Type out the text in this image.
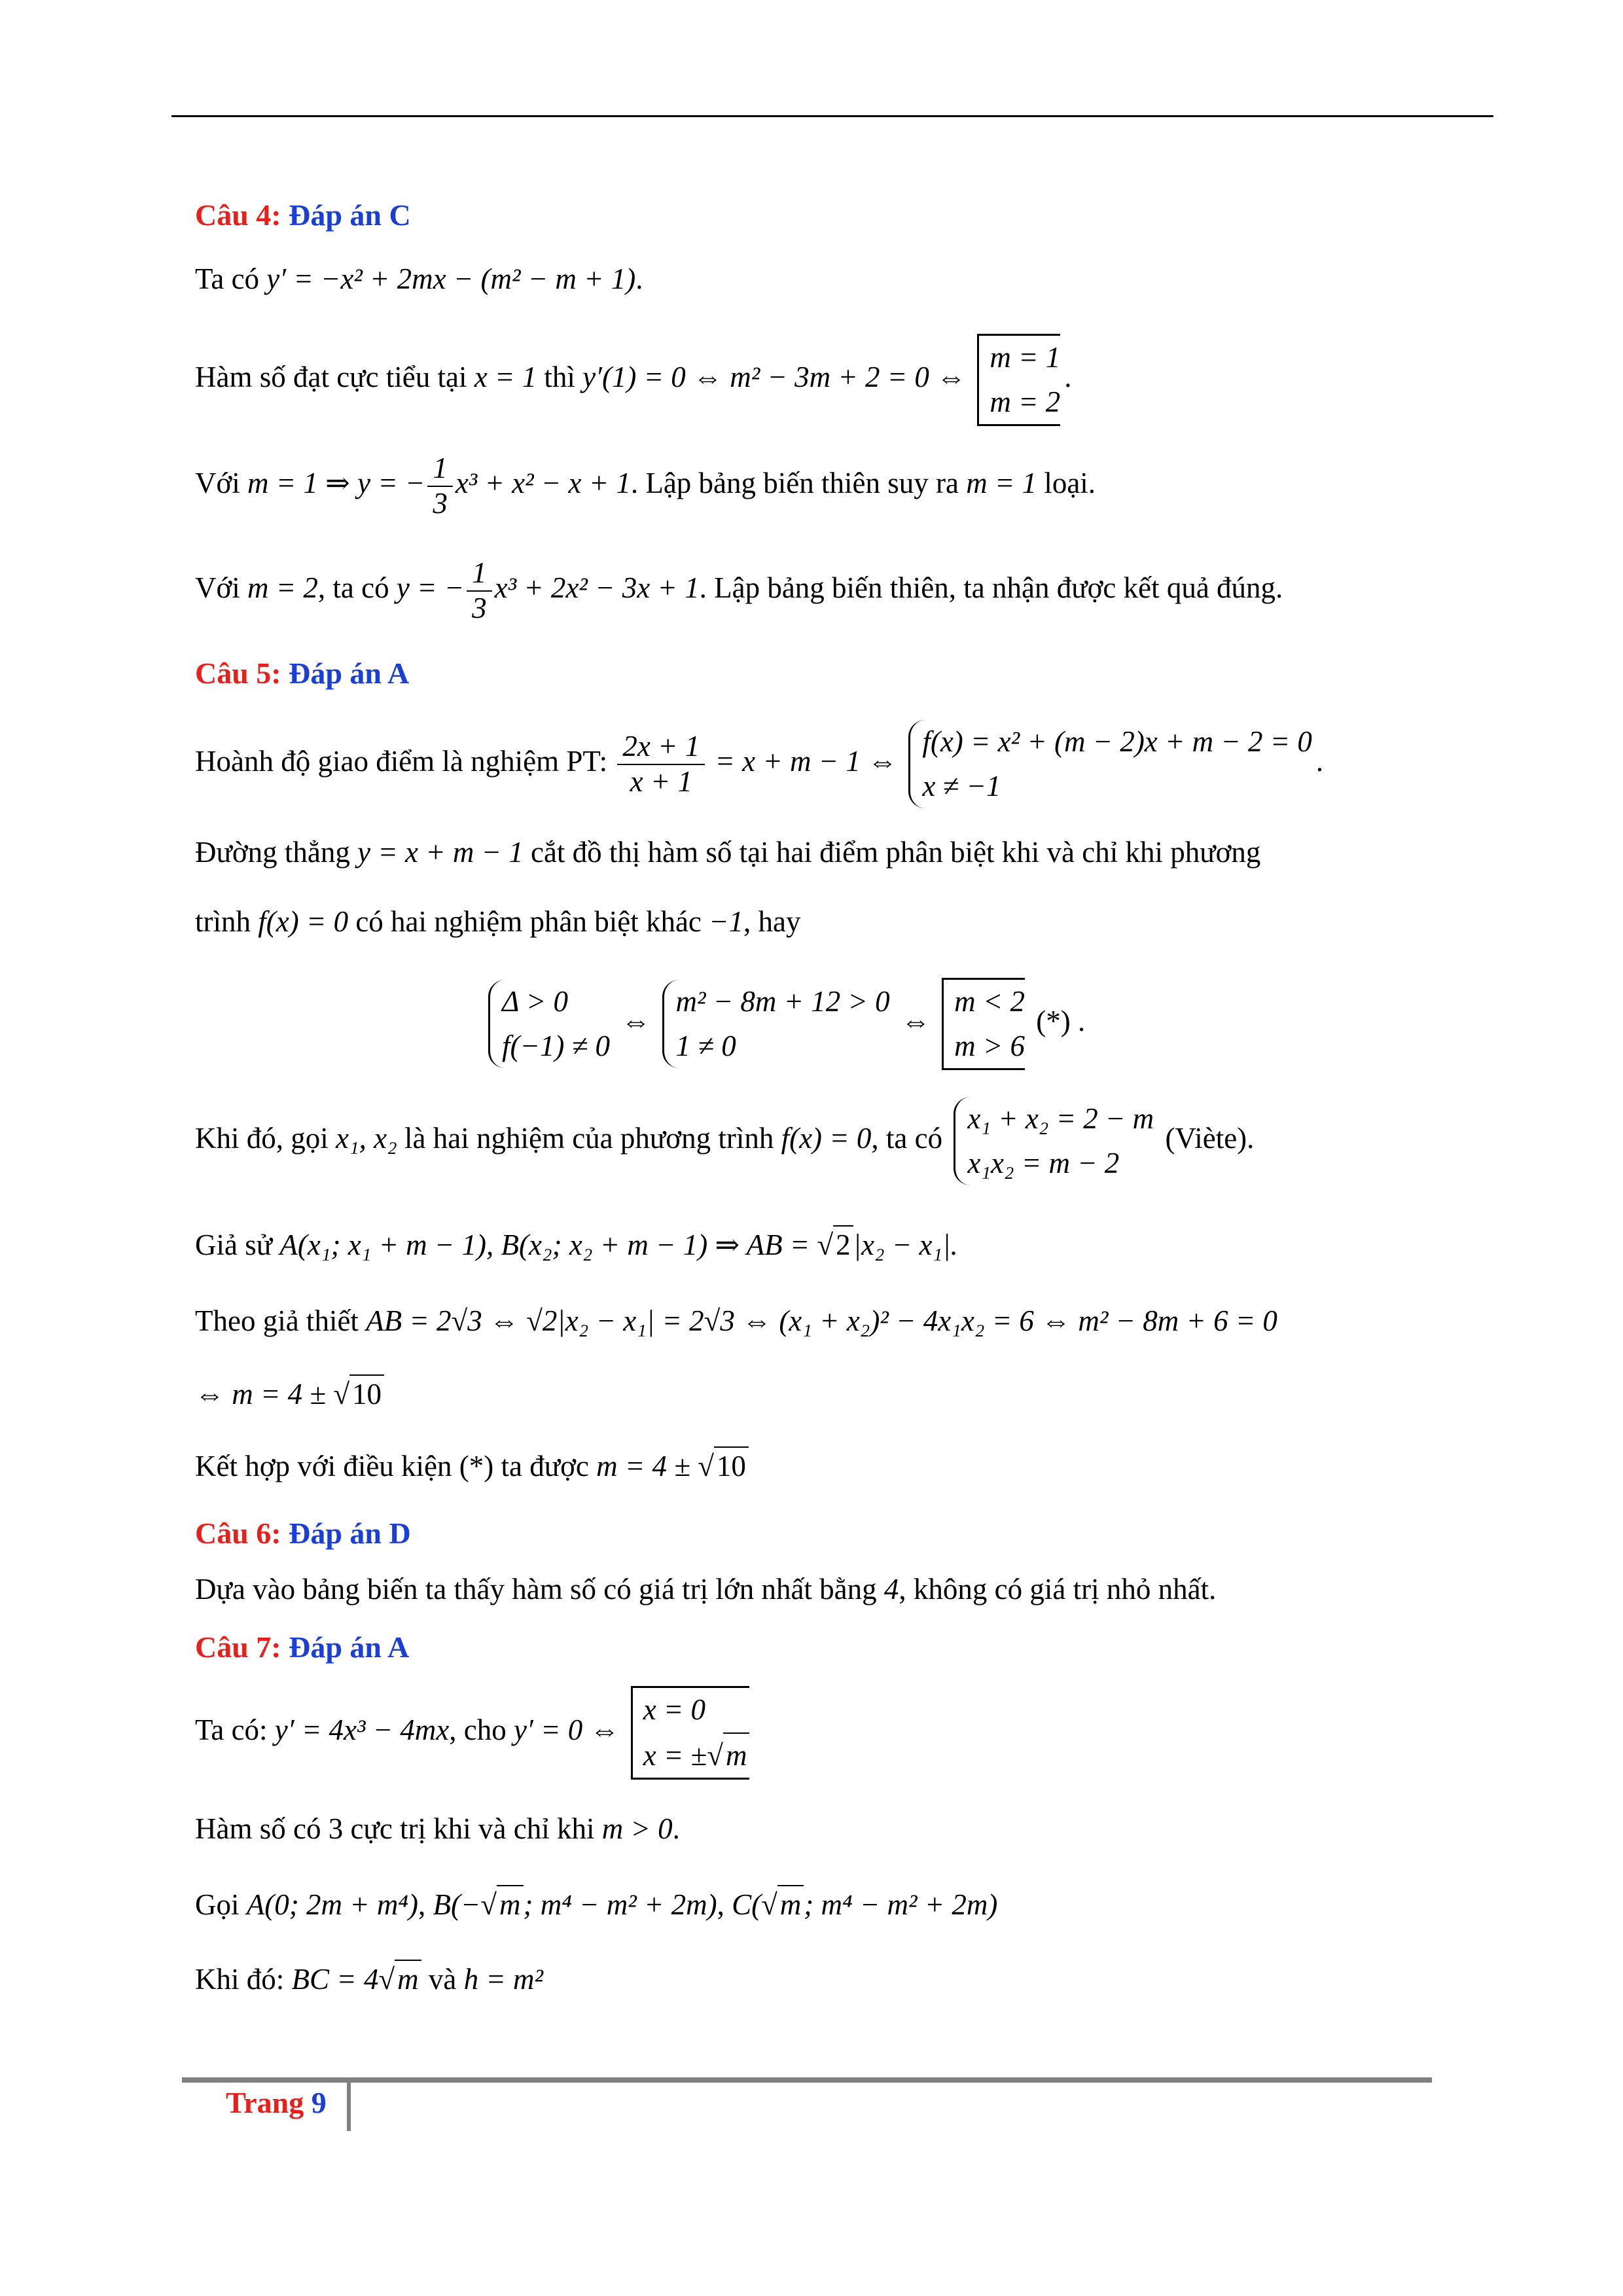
Câu 4: Đáp án C
Ta có y′ = −x² + 2mx − (m² − m + 1).
Hàm số đạt cực tiểu tại x = 1 thì y′(1) = 0 ⇔ m² − 3m + 2 = 0 ⇔
m = 1
m = 2
.
Với m = 1 ⇒ y = − $\frac{1}{3} x^3 + x^2 - x + 1$. Lập bảng biến thiên suy ra m = 1 loại.
Với m = 2, ta có y = − $\frac{1}{3} x^3 + 2x^2 - 3x + 1$. Lập bảng biến thiên, ta nhận được kết quả đúng.
Câu 5: Đáp án A
Hoành độ giao điểm là nghiệm PT: $\frac{2x + 1}{x + 1} = x + m - 1$ ⇔
f(x) = x² + (m − 2)x + m − 2 = 0
x ≠ −1
.
Đường thẳng y = x + m − 1 cắt đồ thị hàm số tại hai điểm phân biệt khi và chỉ khi phương
trình f(x) = 0 có hai nghiệm phân biệt khác −1, hay
Δ > 0
f(−1) ≠ 0
⇔
m² − 8m + 12 > 0
1 ≠ 0
⇔
m < 2
m > 6
(*) .
Khi đó, gọi x₁, x₂ là hai nghiệm của phương trình f(x) = 0, ta có
x₁ + x₂ = 2 − m
x₁x₂ = m − 2
(Viète).
Giả sử A(x₁; x₁ + m − 1), B(x₂; x₂ + m − 1) ⇒ AB = √2|x₂ − x₁|.
Theo giả thiết AB = 2√3 ⇔ √2|x₂ − x₁| = 2√3 ⇔ (x₁ + x₂)² − 4x₁x₂ = 6 ⇔ m² − 8m + 6 = 0
⇔ m = 4 ± √10
Kết hợp với điều kiện (*) ta được m = 4 ± √10
Câu 6: Đáp án D
Dựa vào bảng biến ta thấy hàm số có giá trị lớn nhất bằng 4, không có giá trị nhỏ nhất.
Câu 7: Đáp án A
Ta có: y′ = 4x³ − 4mx, cho y′ = 0 ⇔
x = 0
x = ±√m
Hàm số có 3 cực trị khi và chỉ khi m > 0.
Gọi A(0; 2m + m⁴), B(−√m; m⁴ − m² + 2m), C(√m; m⁴ − m² + 2m)
Khi đó: BC = 4√m và h = m²
Trang 9
